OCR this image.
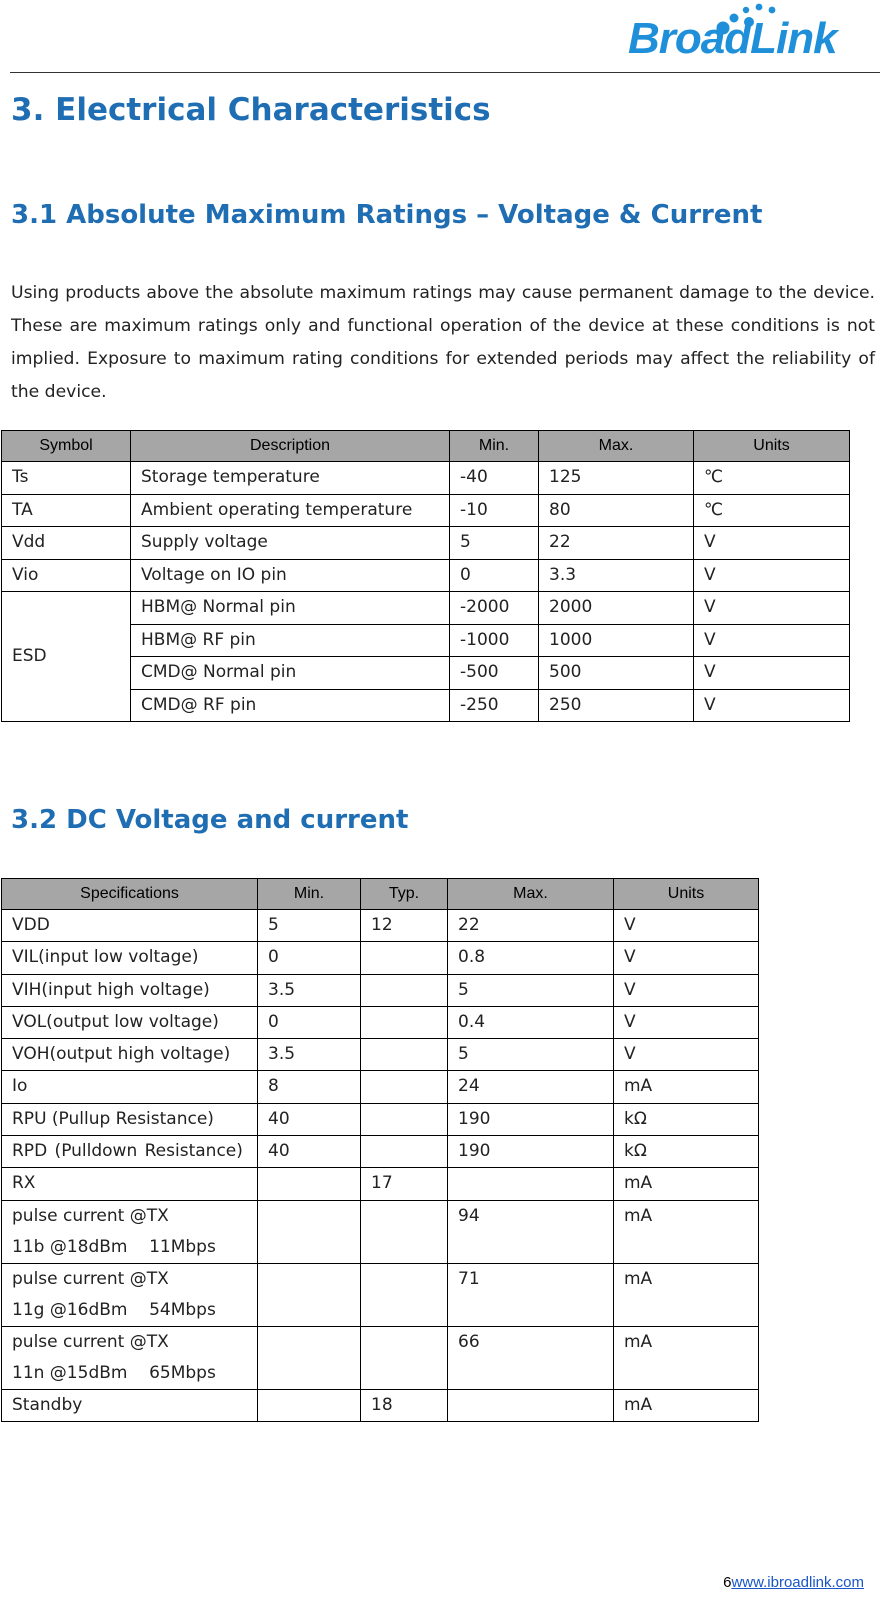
BroadLink
3. Electrical Characteristics
3.1 Absolute Maximum Ratings – Voltage & Current

Using products above the absolute maximum ratings may cause permanent damage to the device. These are maximum ratings only and functional operation of the device at these conditions is not implied. Exposure to maximum rating conditions for extended periods may aﬀect the reliability of the device.

Symbol	Description	Min.	Max.	Units
Ts	Storage temperature	-40	125	℃
TA	Ambient operating temperature	-10	80	℃
Vdd	Supply voltage	5	22	V
Vio	Voltage on IO pin	0	3.3	V
ESD	HBM@ Normal pin	-2000	2000	V
	HBM@ RF pin	-1000	1000	V
	CMD@ Normal pin	-500	500	V
	CMD@ RF pin	-250	250	V
3.2 DC Voltage and current
Specifications	Min.	Typ.	Max.	Units
VDD	5	12	22	V
VIL(input low voltage)	0		0.8	V
VIH(input high voltage)	3.5		5	V
VOL(output low voltage)	0		0.4	V
VOH(output high voltage)	3.5		5	V
Io	8		24	mA
RPU (Pullup Resistance)	40		190	kΩ
RPD (Pulldown Resistance)	40		190	kΩ
RX		17		mA

pulse current @TX
11b @18dBm    11Mbps			94	mA

pulse current @TX
11g @16dBm    54Mbps			71	mA

pulse current @TX
11n @15dBm    65Mbps			66	mA
Standby		18		mA
6www.ibroadlink.com
